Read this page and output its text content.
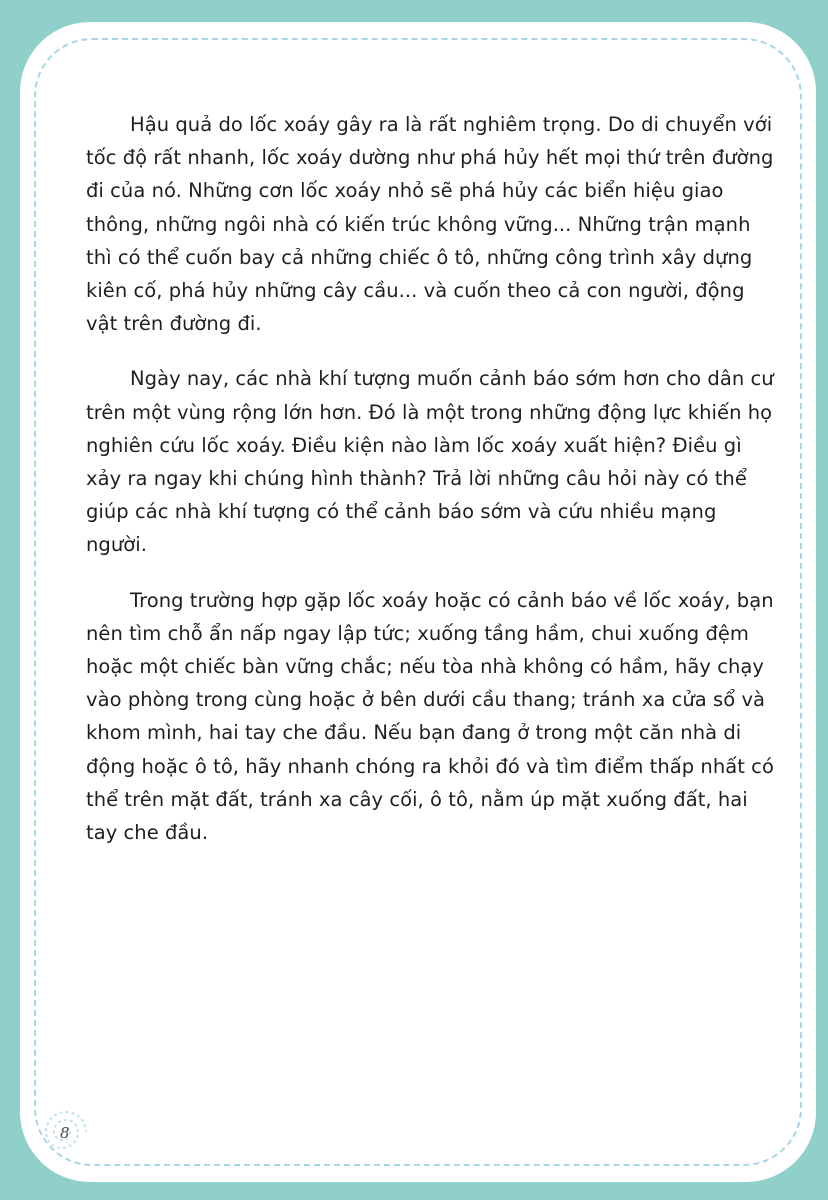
Hậu quả do lốc xoáy gây ra là rất nghiêm trọng. Do di chuyển với tốc độ rất nhanh, lốc xoáy dường như phá hủy hết mọi thứ trên đường đi của nó. Những cơn lốc xoáy nhỏ sẽ phá hủy các biển hiệu giao thông, những ngôi nhà có kiến trúc không vững... Những trận mạnh thì có thể cuốn bay cả những chiếc ô tô, những công trình xây dựng kiên cố, phá hủy những cây cầu... và cuốn theo cả con người, động vật trên đường đi.

Ngày nay, các nhà khí tượng muốn cảnh báo sớm hơn cho dân cư trên một vùng rộng lớn hơn. Đó là một trong những động lực khiến họ nghiên cứu lốc xoáy. Điều kiện nào làm lốc xoáy xuất hiện? Điều gì xảy ra ngay khi chúng hình thành? Trả lời những câu hỏi này có thể giúp các nhà khí tượng có thể cảnh báo sớm và cứu nhiều mạng người.

Trong trường hợp gặp lốc xoáy hoặc có cảnh báo về lốc xoáy, bạn nên tìm chỗ ẩn nấp ngay lập tức; xuống tầng hầm, chui xuống đệm hoặc một chiếc bàn vững chắc; nếu tòa nhà không có hầm, hãy chạy vào phòng trong cùng hoặc ở bên dưới cầu thang; tránh xa cửa sổ và khom mình, hai tay che đầu. Nếu bạn đang ở trong một căn nhà di động hoặc ô tô, hãy nhanh chóng ra khỏi đó và tìm điểm thấp nhất có thể trên mặt đất, tránh xa cây cối, ô tô, nằm úp mặt xuống đất, hai tay che đầu.

8
